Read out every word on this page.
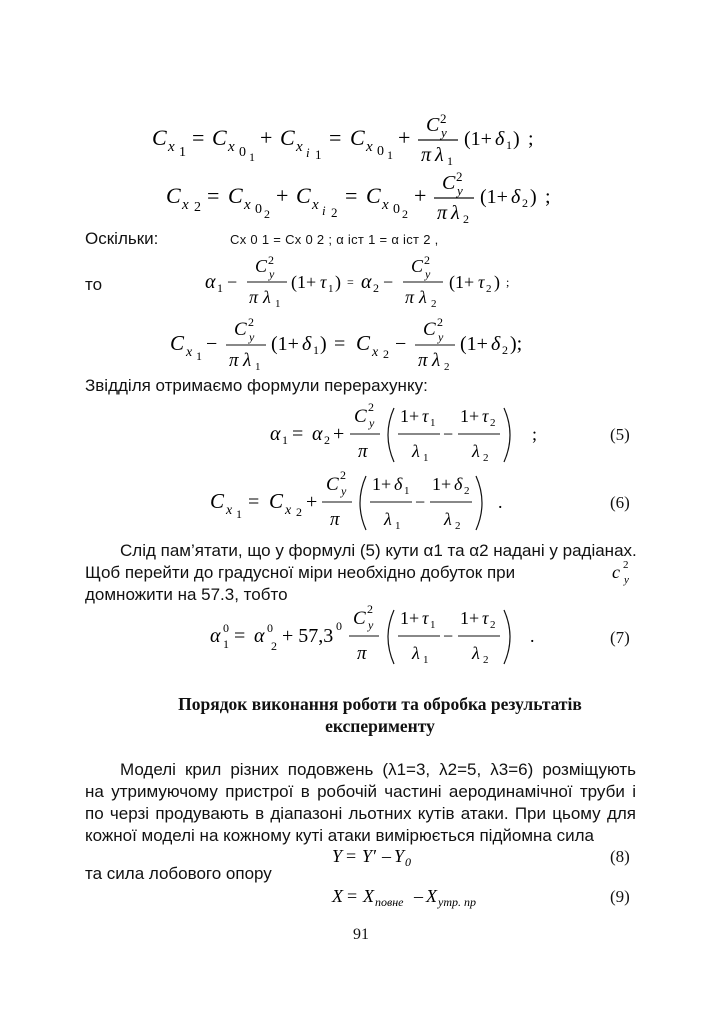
C x 1
= C x 0 1
+ C x i 1
= C x 0 1
+ C 2
y
π λ 1
(1+ δ 1 ) ;
C x 2 = C x 0 2
+ C x i 2
= C x 0 2
+ C 2
y
π λ 2
(1+ δ 2 ) ;
Оскільки:	Cx 0 1 = Cx 0 2 ; α іст 1 = α іст 2 ,
то	α 1 −
C 2
y
π λ 1
(1+ τ 1 ) = α 2 −
C 2
y
π λ 2
(1+ τ 2 ) ;
C x 1
−
C 2
y
π λ 1
(1+ δ 1 ) = C x 2 −
C 2
y
π λ 2
(1+ δ 2 );
Звідділя отримаємо формули перерахунку:
α 1 = α 2 +
C 2
y
π
1+ τ 1
λ 1
−
1+ τ 2
λ 2
;	(5)
C x 1
= C x 2 +
C 2
y
π
1+ δ 1
λ 1
−
1+ δ 2
λ 2
.	(6)
Слід пам’ятати, що у формулі (5) кути α1 та α2 надані у радіанах.
Щоб перейти до градусної міри необхідно добуток при	c 2
y
домножити на 57.3, тобто
α 0
1 = α 0
2 + 57,3 0 C 2
y
π
1+ τ 1
λ 1
−
1+ τ 2
λ 2
.	(7)
Порядок виконання роботи та обробка результатів
експерименту
Моделі крил різних подовжень (λ1=3, λ2=5, λ3=6) розміщують
на утримуючому пристрої в робочій частині аеродинамічної труби і
по черзі продувають в діапазоні льотних кутів атаки. При цьому для
кожної моделі на кожному куті атаки вимірюється підйомна сила
Y = Y′ – Y 0	(8)
та сила лобового опору
X = X повне – X утр. пр	(9)
91
